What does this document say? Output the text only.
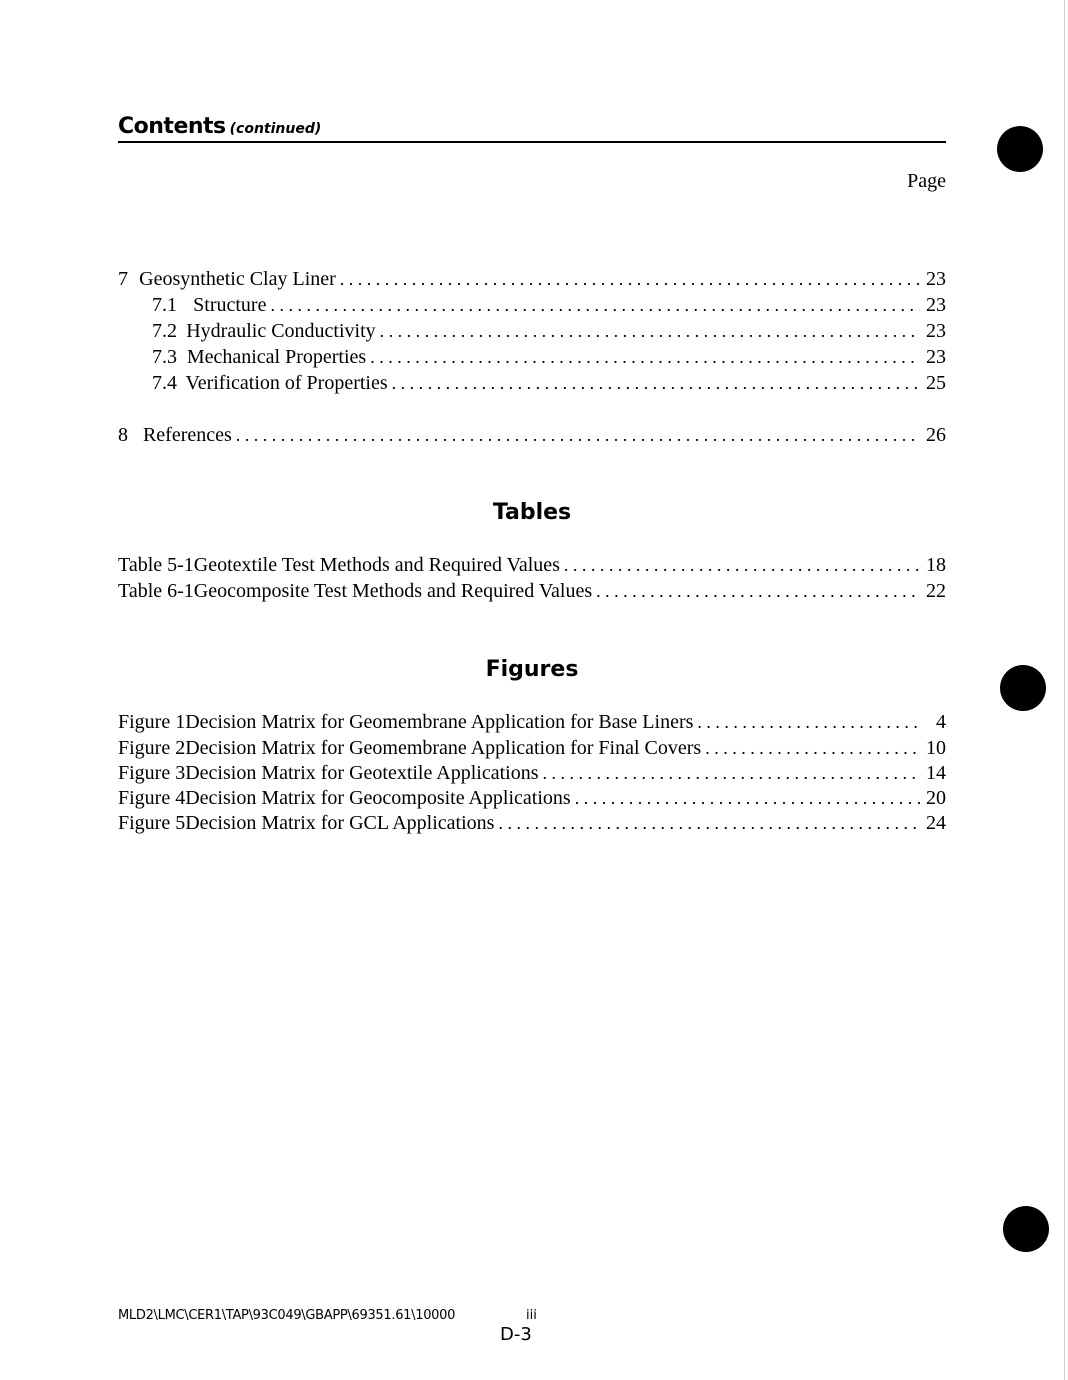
Contents (continued)
Page
7 Geosynthetic Clay Liner . . .	23
7.1 Structure . . .	23
7.2 Hydraulic Conductivity . . .	23
7.3 Mechanical Properties . . .	23
7.4 Verification of Properties . . .	25
8 References . . .	26
Tables
Table 5-1 Geotextile Test Methods and Required Values . . .	18
Table 6-1 Geocomposite Test Methods and Required Values . . .	22
Figures
Figure 1 Decision Matrix for Geomembrane Application for Base Liners . . .	4
Figure 2 Decision Matrix for Geomembrane Application for Final Covers . . .	10
Figure 3 Decision Matrix for Geotextile Applications . . .	14
Figure 4 Decision Matrix for Geocomposite Applications . . .	20
Figure 5 Decision Matrix for GCL Applications . . .	24
MLD2\LMC\CER1\TAP\93C049\GBAPP\69351.61\10000	iii
D-3
